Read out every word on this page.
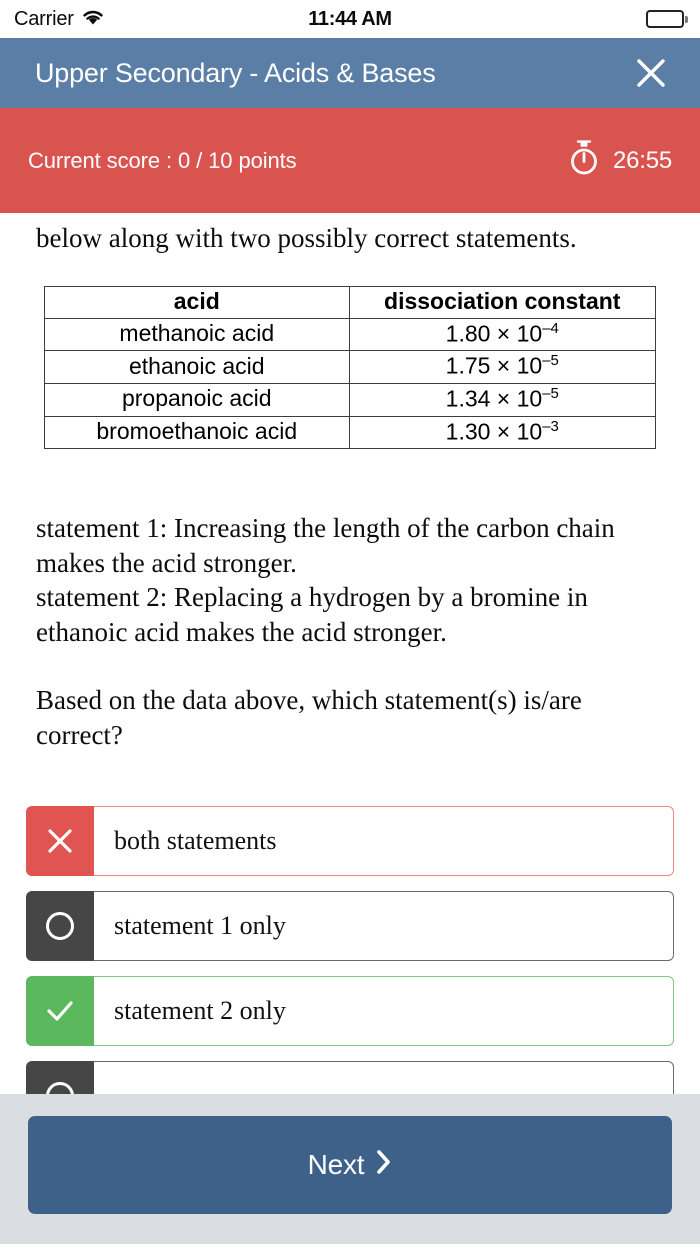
Carrier	11:44 AM
Upper Secondary - Acids & Bases
Current score : 0 / 10 points	26:55
below along with two possibly correct statements.
acid	dissociation constant
methanoic acid	$1.80 \times 10^{-4}$
ethanoic acid	$1.75 \times 10^{-5}$
propanoic acid	$1.34 \times 10^{-5}$
bromoethanoic acid	$1.30 \times 10^{-3}$

statement 1: Increasing the length of the carbon chain makes the acid stronger.

statement 2: Replacing a hydrogen by a bromine in ethanoic acid makes the acid stronger.

Based on the data above, which statement(s) is/are correct?

both statements
statement 1 only
statement 2 only
Next
